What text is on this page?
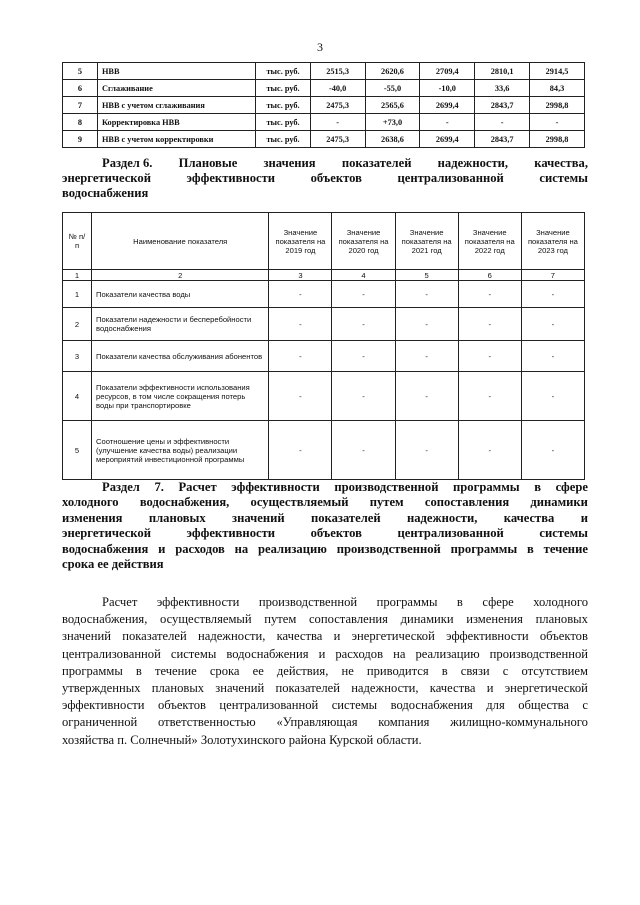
3
5	НВВ	тыс. руб.	2515,3	2620,6	2709,4	2810,1	2914,5
6	Сглаживание	тыс. руб.	-40,0	-55,0	-10,0	33,6	84,3
7	НВВ с учетом сглаживания	тыс. руб.	2475,3	2565,6	2699,4	2843,7	2998,8
8	Корректировка НВВ	тыс. руб.	-	+73,0	-	-	-
9	НВВ с учетом корректировки	тыс. руб.	2475,3	2638,6	2699,4	2843,7	2998,8
Раздел 6. Плановые значения показателей надежности, качества,
энергетической	эффективности	объектов	централизованной	системы
водоснабжения
№ п/п	Наименование показателя	Значение показателя на 2019 год	Значение показателя на 2020 год	Значение показателя на 2021 год	Значение показателя на 2022 год	Значение показателя на 2023 год
1	2	3	4	5	6	7
1	Показатели качества воды	-	-	-	-	-
2	Показатели надежности и бесперебойности водоснабжения	-	-	-	-	-
3	Показатели качества обслуживания абонентов	-	-	-	-	-
4	Показатели эффективности использования ресурсов, в том числе сокращения потерь воды при транспортировке	-	-	-	-	-
5	Соотношение цены и эффективности (улучшение качества воды) реализации мероприятий инвестиционной программы	-	-	-	-	-
Раздел 7. Расчет эффективности производственной программы в сфере
холодного водоснабжения, осуществляемый путем сопоставления динамики
изменения плановых значений показателей надежности, качества и
энергетической	эффективности	объектов	централизованной	системы
водоснабжения и расходов на реализацию производственной программы в течение
срока ее действия
Расчет эффективности производственной программы в сфере холодного
водоснабжения, осуществляемый путем сопоставления динамики изменения плановых
значений показателей надежности, качества и энергетической эффективности объектов
централизованной системы водоснабжения и расходов на реализацию производственной
программы в течение срока ее действия, не приводится в связи с отсутствием
утвержденных плановых значений показателей надежности, качества и энергетической
эффективности объектов централизованной системы водоснабжения для общества с
ограниченной ответственностью «Управляющая компания жилищно-коммунального
хозяйства п. Солнечный» Золотухинского района Курской области.
